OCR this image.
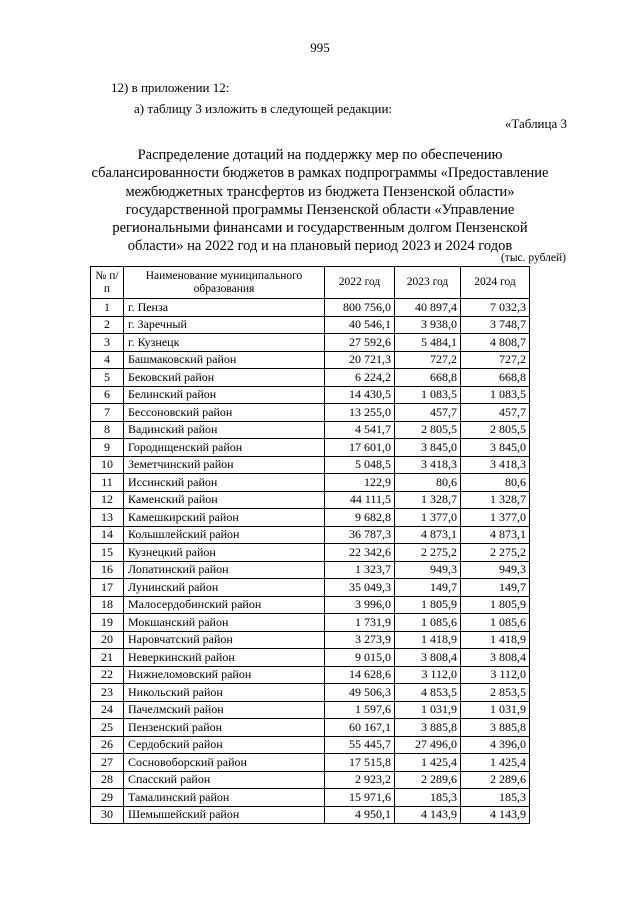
995
12) в приложении 12:
а) таблицу 3 изложить в следующей редакции:
«Таблица 3
Распределение дотаций на поддержку мер по обеспечению
сбалансированности бюджетов в рамках подпрограммы «Предоставление
межбюджетных трансфертов из бюджета Пензенской области»
государственной программы Пензенской области «Управление
региональными финансами и государственным долгом Пензенской
области» на 2022 год и на плановый период 2023 и 2024 годов
(тыс. рублей)
№ п/п	Наименование муниципального образования	2022 год	2023 год	2024 год
1	г. Пенза	800 756,0	40 897,4	7 032,3
2	г. Заречный	40 546,1	3 938,0	3 748,7
3	г. Кузнецк	27 592,6	5 484,1	4 808,7
4	Башмаковский район	20 721,3	727,2	727,2
5	Бековский район	6 224,2	668,8	668,8
6	Белинский район	14 430,5	1 083,5	1 083,5
7	Бессоновский район	13 255,0	457,7	457,7
8	Вадинский район	4 541,7	2 805,5	2 805,5
9	Городищенский район	17 601,0	3 845,0	3 845,0
10	Земетчинский район	5 048,5	3 418,3	3 418,3
11	Иссинский район	122,9	80,6	80,6
12	Каменский район	44 111,5	1 328,7	1 328,7
13	Камешкирский район	9 682,8	1 377,0	1 377,0
14	Колышлейский район	36 787,3	4 873,1	4 873,1
15	Кузнецкий район	22 342,6	2 275,2	2 275,2
16	Лопатинский район	1 323,7	949,3	949,3
17	Лунинский район	35 049,3	149,7	149,7
18	Малосердобинский район	3 996,0	1 805,9	1 805,9
19	Мокшанский район	1 731,9	1 085,6	1 085,6
20	Наровчатский район	3 273,9	1 418,9	1 418,9
21	Неверкинский район	9 015,0	3 808,4	3 808,4
22	Нижнеломовский район	14 628,6	3 112,0	3 112,0
23	Никольский район	49 506,3	4 853,5	2 853,5
24	Пачелмский район	1 597,6	1 031,9	1 031,9
25	Пензенский район	60 167,1	3 885,8	3 885,8
26	Сердобский район	55 445,7	27 496,0	4 396,0
27	Сосновоборский район	17 515,8	1 425,4	1 425,4
28	Спасский район	2 923,2	2 289,6	2 289,6
29	Тамалинский район	15 971,6	185,3	185,3
30	Шемышейский район	4 950,1	4 143,9	4 143,9
